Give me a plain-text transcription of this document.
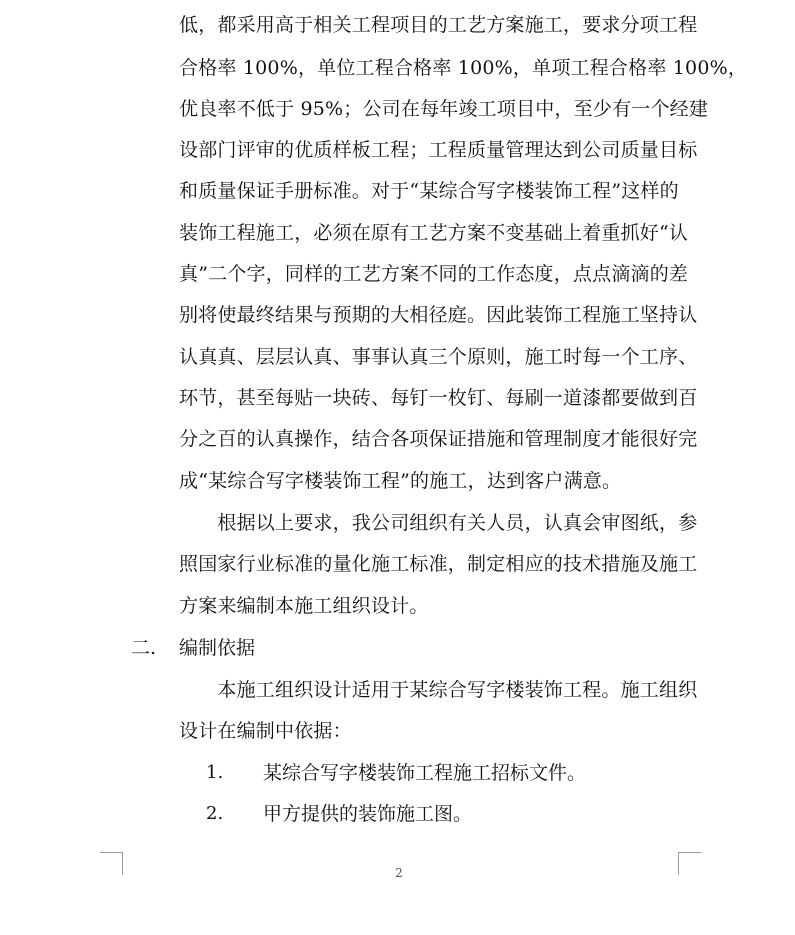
低，都采用高于相关工程项目的工艺方案施工，要求分项工程
合格率 100%，单位工程合格率 100%，单项工程合格率 100%，
优良率不低于 95%；公司在每年竣工项目中，至少有一个经建
设部门评审的优质样板工程；工程质量管理达到公司质量目标
和质量保证手册标准。对于“某综合写字楼装饰工程”这样的
装饰工程施工，必须在原有工艺方案不变基础上着重抓好“认
真”二个字，同样的工艺方案不同的工作态度，点点滴滴的差
别将使最终结果与预期的大相径庭。因此装饰工程施工坚持认
认真真、层层认真、事事认真三个原则，施工时每一个工序、
环节，甚至每贴一块砖、每钉一枚钉、每刷一道漆都要做到百
分之百的认真操作，结合各项保证措施和管理制度才能很好完
成“某综合写字楼装饰工程”的施工，达到客户满意。
　　根据以上要求，我公司组织有关人员，认真会审图纸，参
照国家行业标准的量化施工标准，制定相应的技术措施及施工
方案来编制本施工组织设计。
二. 编制依据
　　本施工组织设计适用于某综合写字楼装饰工程。施工组织
设计在编制中依据：
1. 某综合写字楼装饰工程施工招标文件。
2. 甲方提供的装饰施工图。
2
